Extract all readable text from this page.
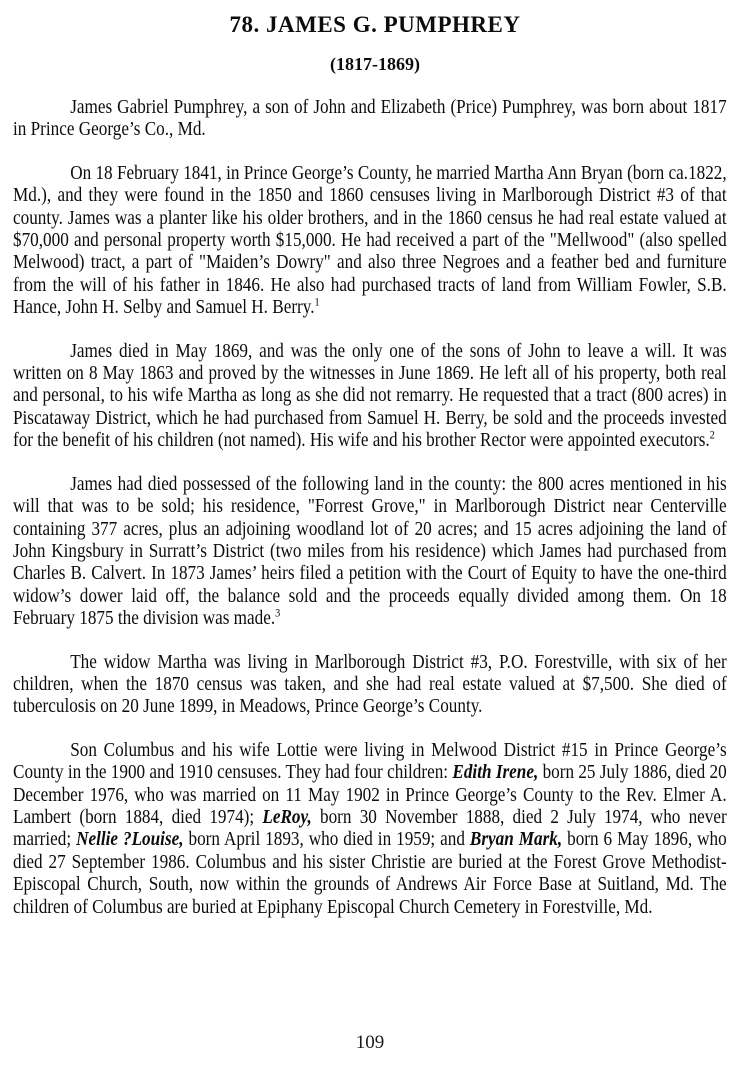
78. JAMES G. PUMPHREY
(1817-1869)

James Gabriel Pumphrey, a son of John and Elizabeth (Price) Pumphrey, was born about 1817 in Prince George’s Co., Md.

On 18 February 1841, in Prince George’s County, he married Martha Ann Bryan (born ca.1822, Md.), and they were found in the 1850 and 1860 censuses living in Marlborough District #3 of that county. James was a planter like his older brothers, and in the 1860 census he had real estate valued at $70,000 and personal property worth $15,000. He had received a part of the "Mellwood" (also spelled Melwood) tract, a part of "Maiden’s Dowry" and also three Negroes and a feather bed and furniture from the will of his father in 1846. He also had purchased tracts of land from William Fowler, S.B. Hance, John H. Selby and Samuel H. Berry.$^1$

James died in May 1869, and was the only one of the sons of John to leave a will. It was written on 8 May 1863 and proved by the witnesses in June 1869. He left all of his property, both real and personal, to his wife Martha as long as she did not remarry. He requested that a tract (800 acres) in Piscataway District, which he had purchased from Samuel H. Berry, be sold and the proceeds invested for the benefit of his children (not named). His wife and his brother Rector were appointed executors.$^2$

James had died possessed of the following land in the county: the 800 acres mentioned in his will that was to be sold; his residence, "Forrest Grove," in Marlborough District near Centerville containing 377 acres, plus an adjoining woodland lot of 20 acres; and 15 acres adjoining the land of John Kingsbury in Surratt’s District (two miles from his residence) which James had purchased from Charles B. Calvert. In 1873 James’ heirs filed a petition with the Court of Equity to have the one-third widow’s dower laid off, the balance sold and the proceeds equally divided among them. On 18 February 1875 the division was made.$^3$

The widow Martha was living in Marlborough District #3, P.O. Forestville, with six of her children, when the 1870 census was taken, and she had real estate valued at $7,500. She died of tuberculosis on 20 June 1899, in Meadows, Prince George’s County.

Son Columbus and his wife Lottie were living in Melwood District #15 in Prince George’s County in the 1900 and 1910 censuses. They had four children: Edith Irene, born 25 July 1886, died 20 December 1976, who was married on 11 May 1902 in Prince George’s County to the Rev. Elmer A. Lambert (born 1884, died 1974); LeRoy, born 30 November 1888, died 2 July 1974, who never married; Nellie ?Louise, born April 1893, who died in 1959; and Bryan Mark, born 6 May 1896, who died 27 September 1986. Columbus and his sister Christie are buried at the Forest Grove Methodist-Episcopal Church, South, now within the grounds of Andrews Air Force Base at Suitland, Md. The children of Columbus are buried at Epiphany Episcopal Church Cemetery in Forestville, Md.

109
